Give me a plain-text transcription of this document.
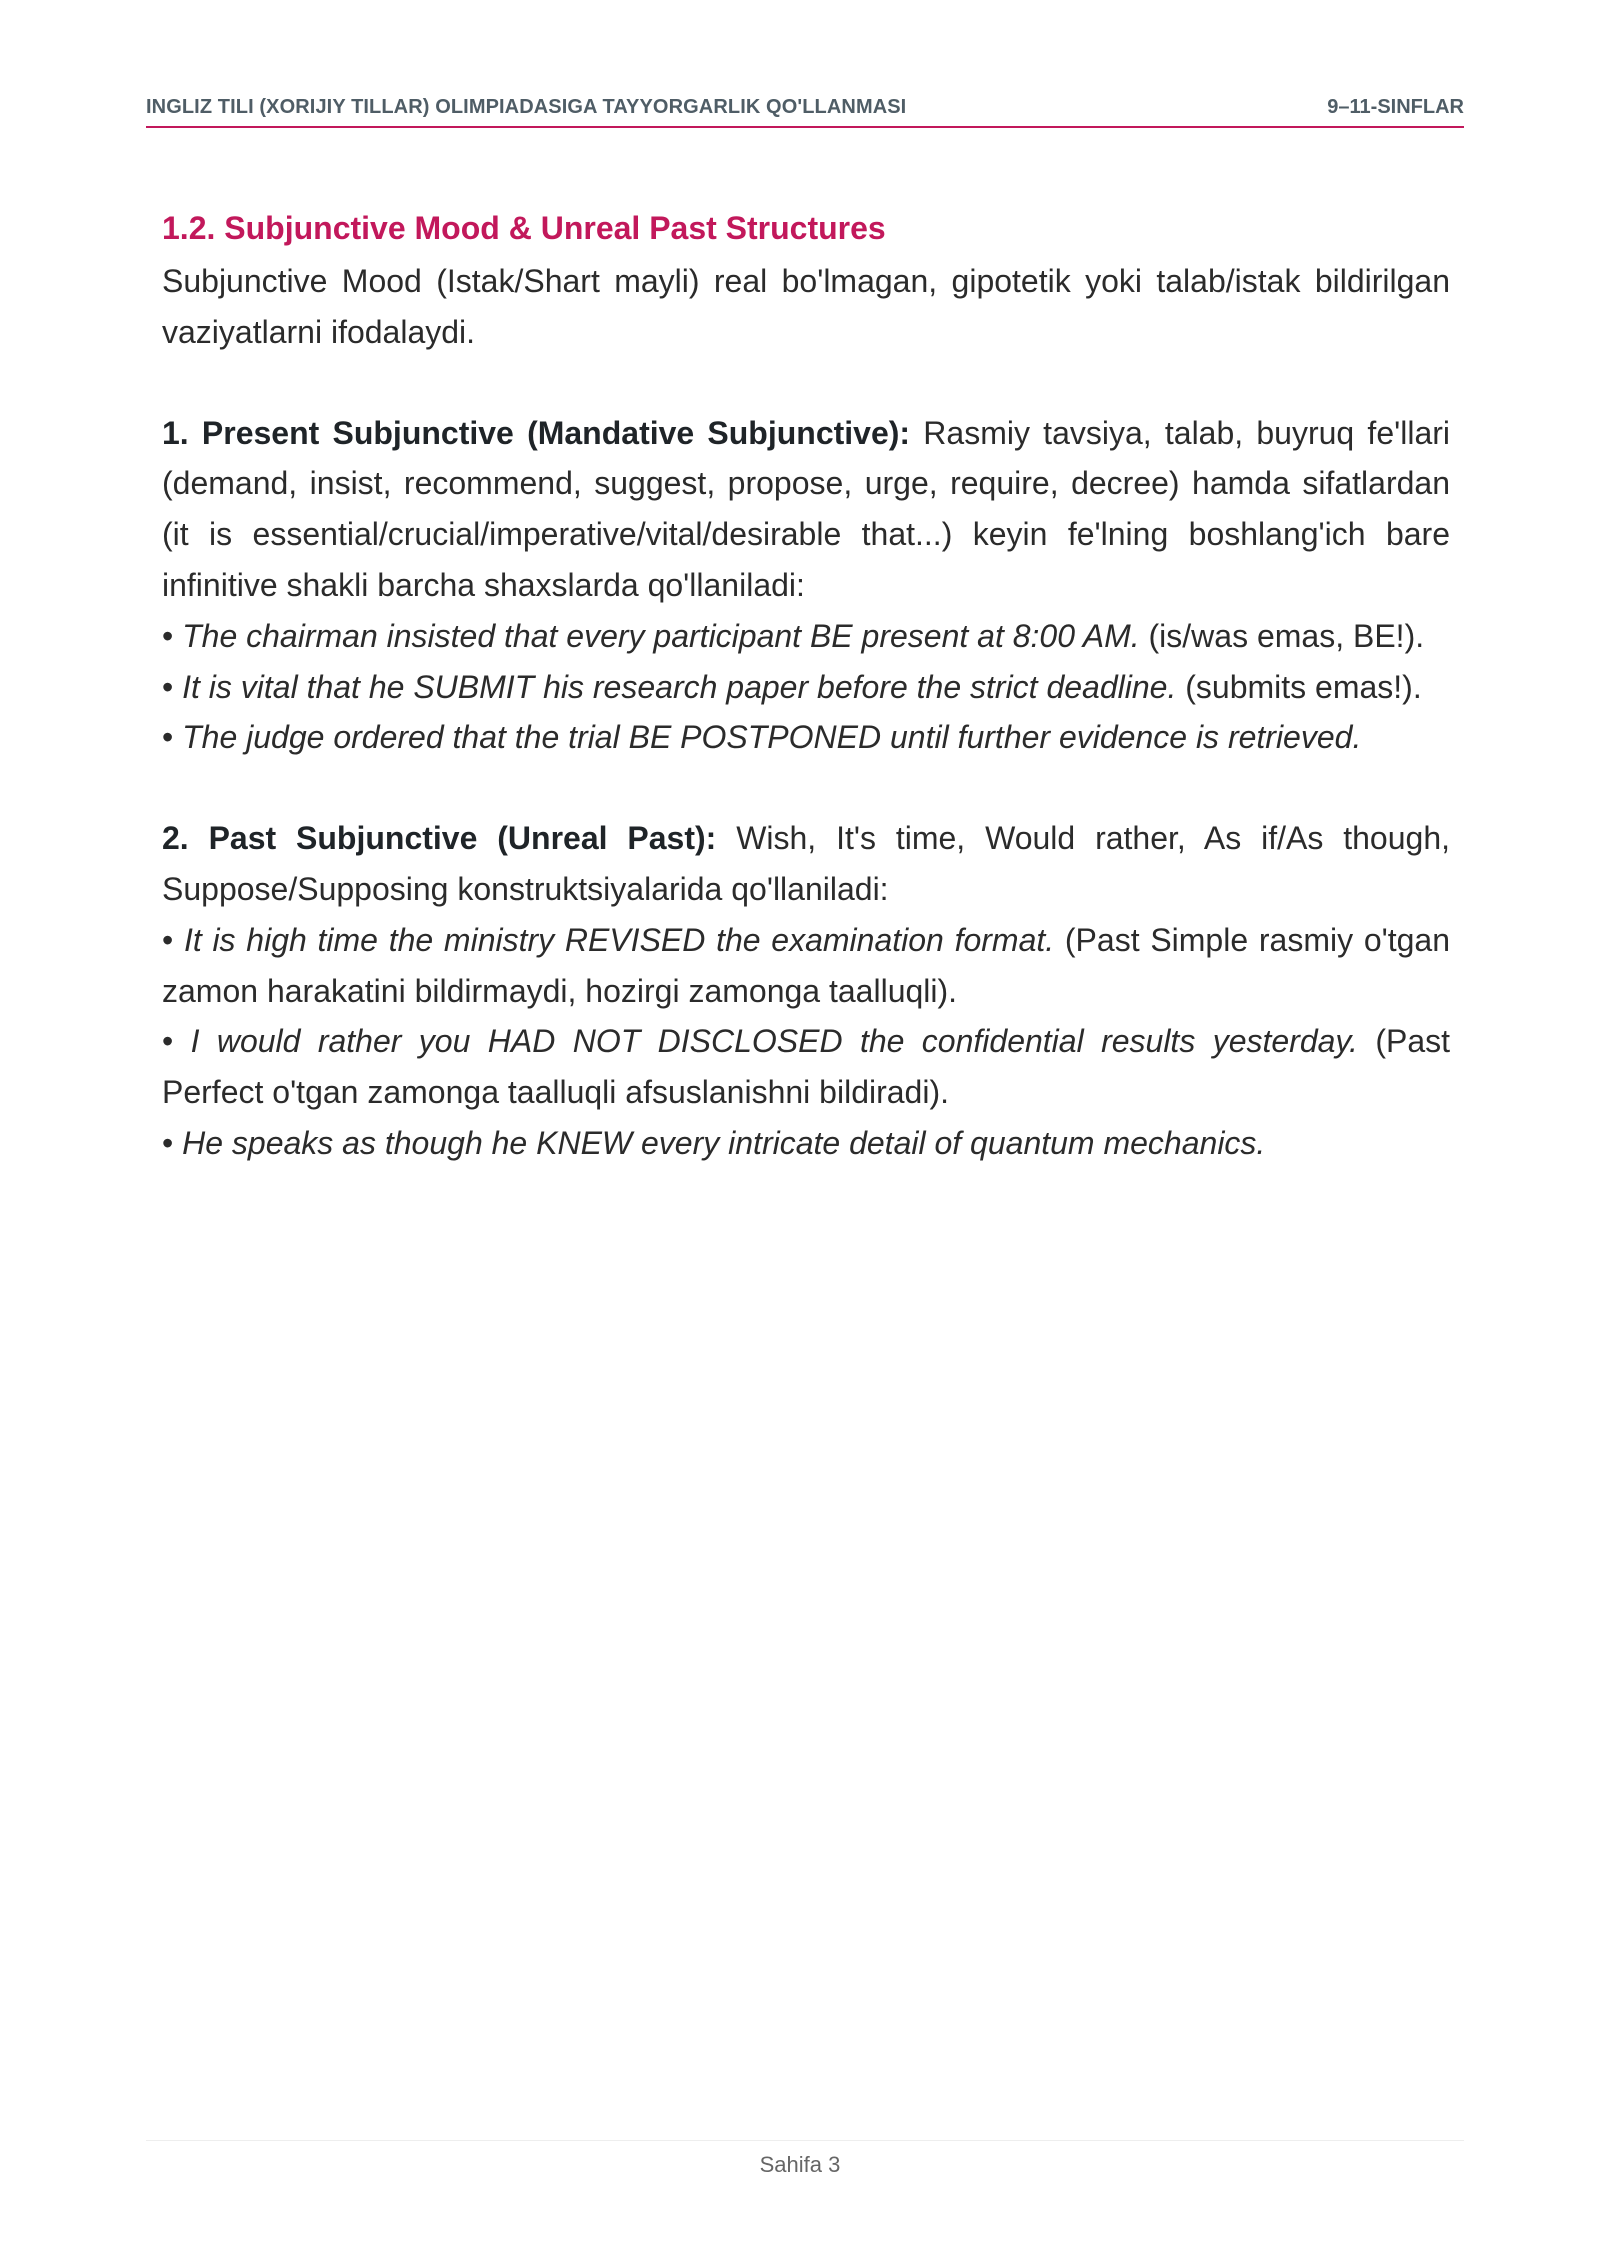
INGLIZ TILI (XORIJIY TILLAR) OLIMPIADASIGA TAYYORGARLIK QO'LLANMASI	9–11-SINFLAR
1.2. Subjunctive Mood & Unreal Past Structures

Subjunctive Mood (Istak/Shart mayli) real bo'lmagan, gipotetik yoki talab/istak bildirilgan vaziyatlarni ifodalaydi.

1. Present Subjunctive (Mandative Subjunctive): Rasmiy tavsiya, talab, buyruq fe'llari (demand, insist, recommend, suggest, propose, urge, require, decree) hamda sifatlardan (it is essential/crucial/imperative/vital/desirable that...) keyin fe'lning boshlang'ich bare infinitive shakli barcha shaxslarda qo'llaniladi:

• The chairman insisted that every participant BE present at 8:00 AM. (is/was emas, BE!).

• It is vital that he SUBMIT his research paper before the strict deadline. (submits emas!).

• The judge ordered that the trial BE POSTPONED until further evidence is retrieved.

2. Past Subjunctive (Unreal Past): Wish, It's time, Would rather, As if/As though, Suppose/Supposing konstruktsiyalarida qo'llaniladi:

• It is high time the ministry REVISED the examination format. (Past Simple rasmiy o'tgan zamon harakatini bildirmaydi, hozirgi zamonga taalluqli).

• I would rather you HAD NOT DISCLOSED the confidential results yesterday. (Past Perfect o'tgan zamonga taalluqli afsuslanishni bildiradi).

• He speaks as though he KNEW every intricate detail of quantum mechanics.

Sahifa 3
